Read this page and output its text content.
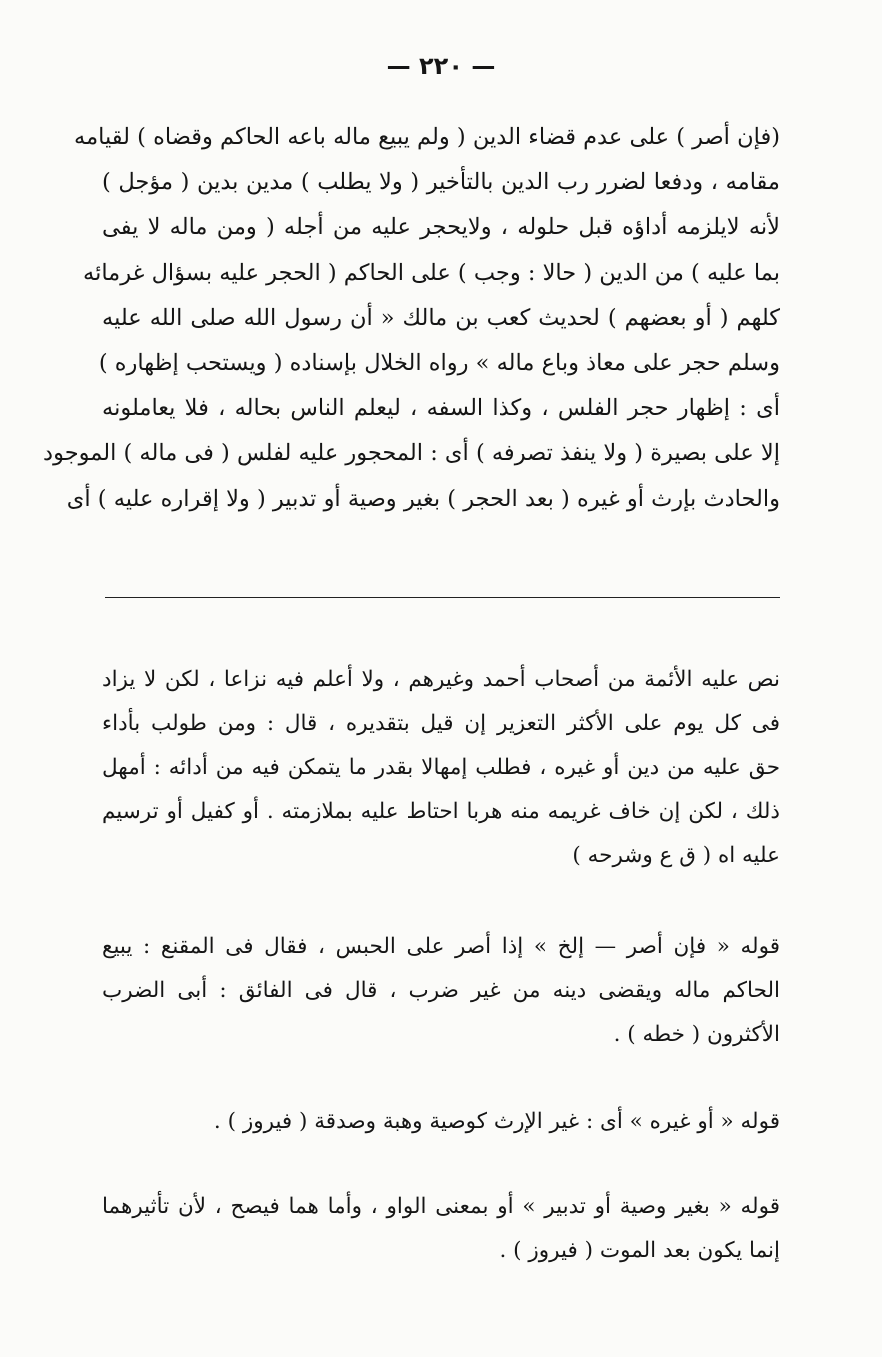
— ٢٢٠ —
(فإن أصر ) على عدم قضاء الدين ( ولم يبيع ماله باعه الحاكم وقضاه ) لقيامه
مقامه ، ودفعا لضرر رب الدين بالتأخير ( ولا يطلب ) مدين بدين ( مؤجل )
لأنه لايلزمه أداؤه قبل حلوله ، ولايحجر عليه من أجله ( ومن ماله لا يفى
بما عليه ) من الدين ( حالا : وجب ) على الحاكم ( الحجر عليه بسؤال غرمائه
كلهم ( أو بعضهم ) لحديث كعب بن مالك « أن رسول الله صلى الله عليه
وسلم حجر على معاذ وباع ماله » رواه الخلال بإسناده ( ويستحب إظهاره )
أى : إظهار حجر الفلس ، وكذا السفه ، ليعلم الناس بحاله ، فلا يعاملونه
إلا على بصيرة ( ولا ينفذ تصرفه ) أى : المحجور عليه لفلس ( فى ماله ) الموجود
والحادث بإرث أو غيره ( بعد الحجر ) بغير وصية أو تدبير ( ولا إقراره عليه ) أى
نص عليه الأئمة من أصحاب أحمد وغيرهم ، ولا أعلم فيه نزاعا ، لكن لا يزاد
فى كل يوم على الأكثر التعزير إن قيل بتقديره ، قال : ومن طولب بأداء
حق عليه من دين أو غيره ، فطلب إمهالا بقدر ما يتمكن فيه من أدائه : أمهل
ذلك ، لكن إن خاف غريمه منه هربا احتاط عليه بملازمته . أو كفيل أو ترسيم
عليه اه ( ق ع وشرحه )
قوله « فإن أصر — إلخ » إذا أصر على الحبس ، فقال فى المقنع : يبيع
الحاكم ماله ويقضى دينه من غير ضرب ، قال فى الفائق : أبى الضرب
الأكثرون ( خطه ) .
قوله « أو غيره » أى : غير الإرث كوصية وهبة وصدقة ( فيروز ) .
قوله « بغير وصية أو تدبير » أو بمعنى الواو ، وأما هما فيصح ، لأن تأثيرهما
إنما يكون بعد الموت ( فيروز ) .
